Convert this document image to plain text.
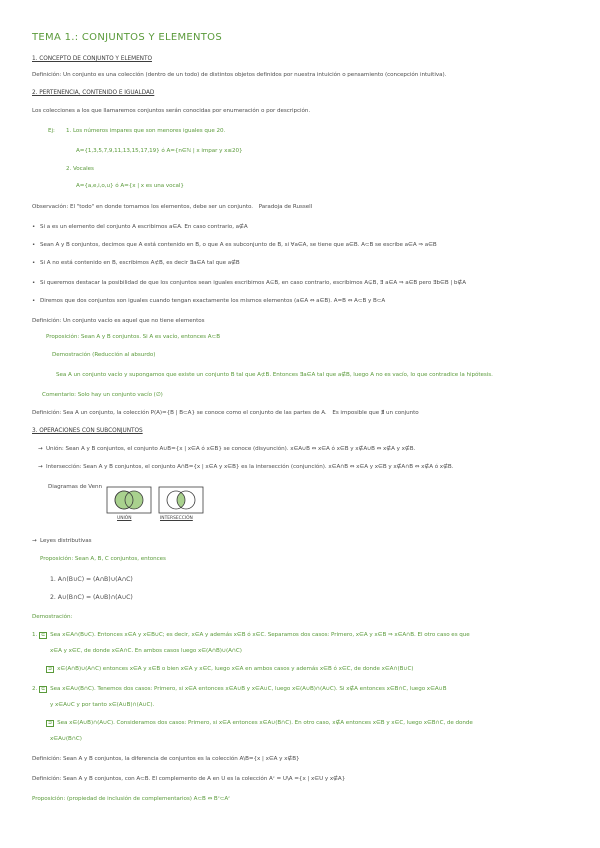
TEMA 1.: CONJUNTOS Y ELEMENTOS
1. CONCEPTO DE CONJUNTO Y ELEMENTO
Definición: Un conjunto es una colección (dentro de un todo) de distintos objetos definidos por nuestra intuición o pensamiento (concepción intuitiva).
2. PERTENENCIA, CONTENIDO E IGUALDAD
Los colecciones a los que llamaremos conjuntos serán conocidas por enumeración o por descripción.
Ej: 1. Los números impares que son menores iguales que 20.
A={1,3,5,7,9,11,13,15,17,19} ó A={n∈ℕ | x impar y x≤20}
2. Vocales
A={a,e,i,o,u} ó A={x | x es una vocal}
Observación: El "todo" en donde tomamos los elementos, debe ser un conjunto. Paradoja de Russell
• Si a es un elemento del conjunto A escribimos a∈A. En caso contrario, a∉A
• Sean A y B conjuntos, decimos que A está contenido en B, o que A es subconjunto de B, si ∀a∈A, se tiene que a∈B. A⊂B se escribe a∈A ⇒ a∈B
• Si A no está contenido en B, escribimos A⊄B, es decir ∃a∈A tal que a∉B
• Si queremos destacar la posibilidad de que los conjuntos sean iguales escribimos A⊆B, en caso contrario, escribimos A⊊B, ∃ a∈A ⇒ a∈B pero ∃b∈B | b∉A
• Diremos que dos conjuntos son iguales cuando tengan exactamente los mismos elementos (a∈A ⇔ a∈B). A=B ⇔ A⊂B y B⊂A
Definición: Un conjunto vacío es aquel que no tiene elementos
Proposición: Sean A y B conjuntos. Si A es vacío, entonces A⊂B
Demostración (Reducción al absurdo)
Sea A un conjunto vacío y supongamos que existe un conjunto B tal que A⊄B. Entonces ∃a∈A tal que a∉B, luego A no es vacío, lo que contradice la hipótesis.
Comentario: Solo hay un conjunto vacío (∅)
Definición: Sea A un conjunto, la colección P(A)={B | B⊂A} se conoce como el conjunto de las partes de A. Es imposible que ∄ un conjunto
3. OPERACIONES CON SUBCONJUNTOS
→ Unión: Sean A y B conjuntos, el conjunto A∪B={x | x∈A ó x∈B} se conoce (disyunción). x∈A∪B ⇔ x∈A ó x∈B y x∉A∪B ⇔ x∉A y x∉B.
→ Intersección: Sean A y B conjuntos, el conjunto A∩B={x | x∈A y x∈B} es la intersección (conjunción). x∈A∩B ⇔ x∈A y x∈B y x∉A∩B ⇔ x∉A ó x∉B.
Diagramas de Venn
UNIÓN	INTERSECCIÓN
→ Leyes distributivas
Proposición: Sean A, B, C conjuntos, entonces
1. A∩(B∪C) = (A∩B)∪(A∩C)
2. A∪(B∩C) = (A∪B)∩(A∪C)
Demostración:
1. ⊆ Sea x∈A∩(B∪C). Entonces x∈A y x∈B∪C; es decir, x∈A y además x∈B ó x∈C. Separamos dos casos: Primero, x∈A y x∈B ⇒ x∈A∩B. El otro caso es que
x∈A y x∈C, de donde x∈A∩C. En ambos casos luego x∈(A∩B)∪(A∩C)
⊇ x∈(A∩B)∪(A∩C) entonces x∈A y x∈B o bien x∈A y x∈C, luego x∈A en ambos casos y además x∈B ó x∈C, de donde x∈A∩(B∪C)
2. ⊆ Sea x∈A∪(B∩C). Tenemos dos casos: Primero, si x∈A entonces x∈A∪B y x∈A∪C, luego x∈(A∪B)∩(A∪C). Si x∉A entonces x∈B∩C, luego x∈A∪B
y x∈A∪C y por tanto x∈(A∪B)∩(A∪C).
⊇ Sea x∈(A∪B)∩(A∪C). Consideramos dos casos: Primero, si x∈A entonces x∈A∪(B∩C). En otro caso, x∉A entonces x∈B y x∈C, luego x∈B∩C, de donde
x∈A∪(B∩C)
Definición: Sean A y B conjuntos, la diferencia de conjuntos es la colección A\B={x | x∈A y x∉B}
Definición: Sean A y B conjuntos, con A⊂B. El complemento de A en U es la colección Aᶜ = U\A ={x | x∈U y x∉A}
Proposición: (propiedad de inclusión de complementarios) A⊂B ⇔ Bᶜ⊂Aᶜ
